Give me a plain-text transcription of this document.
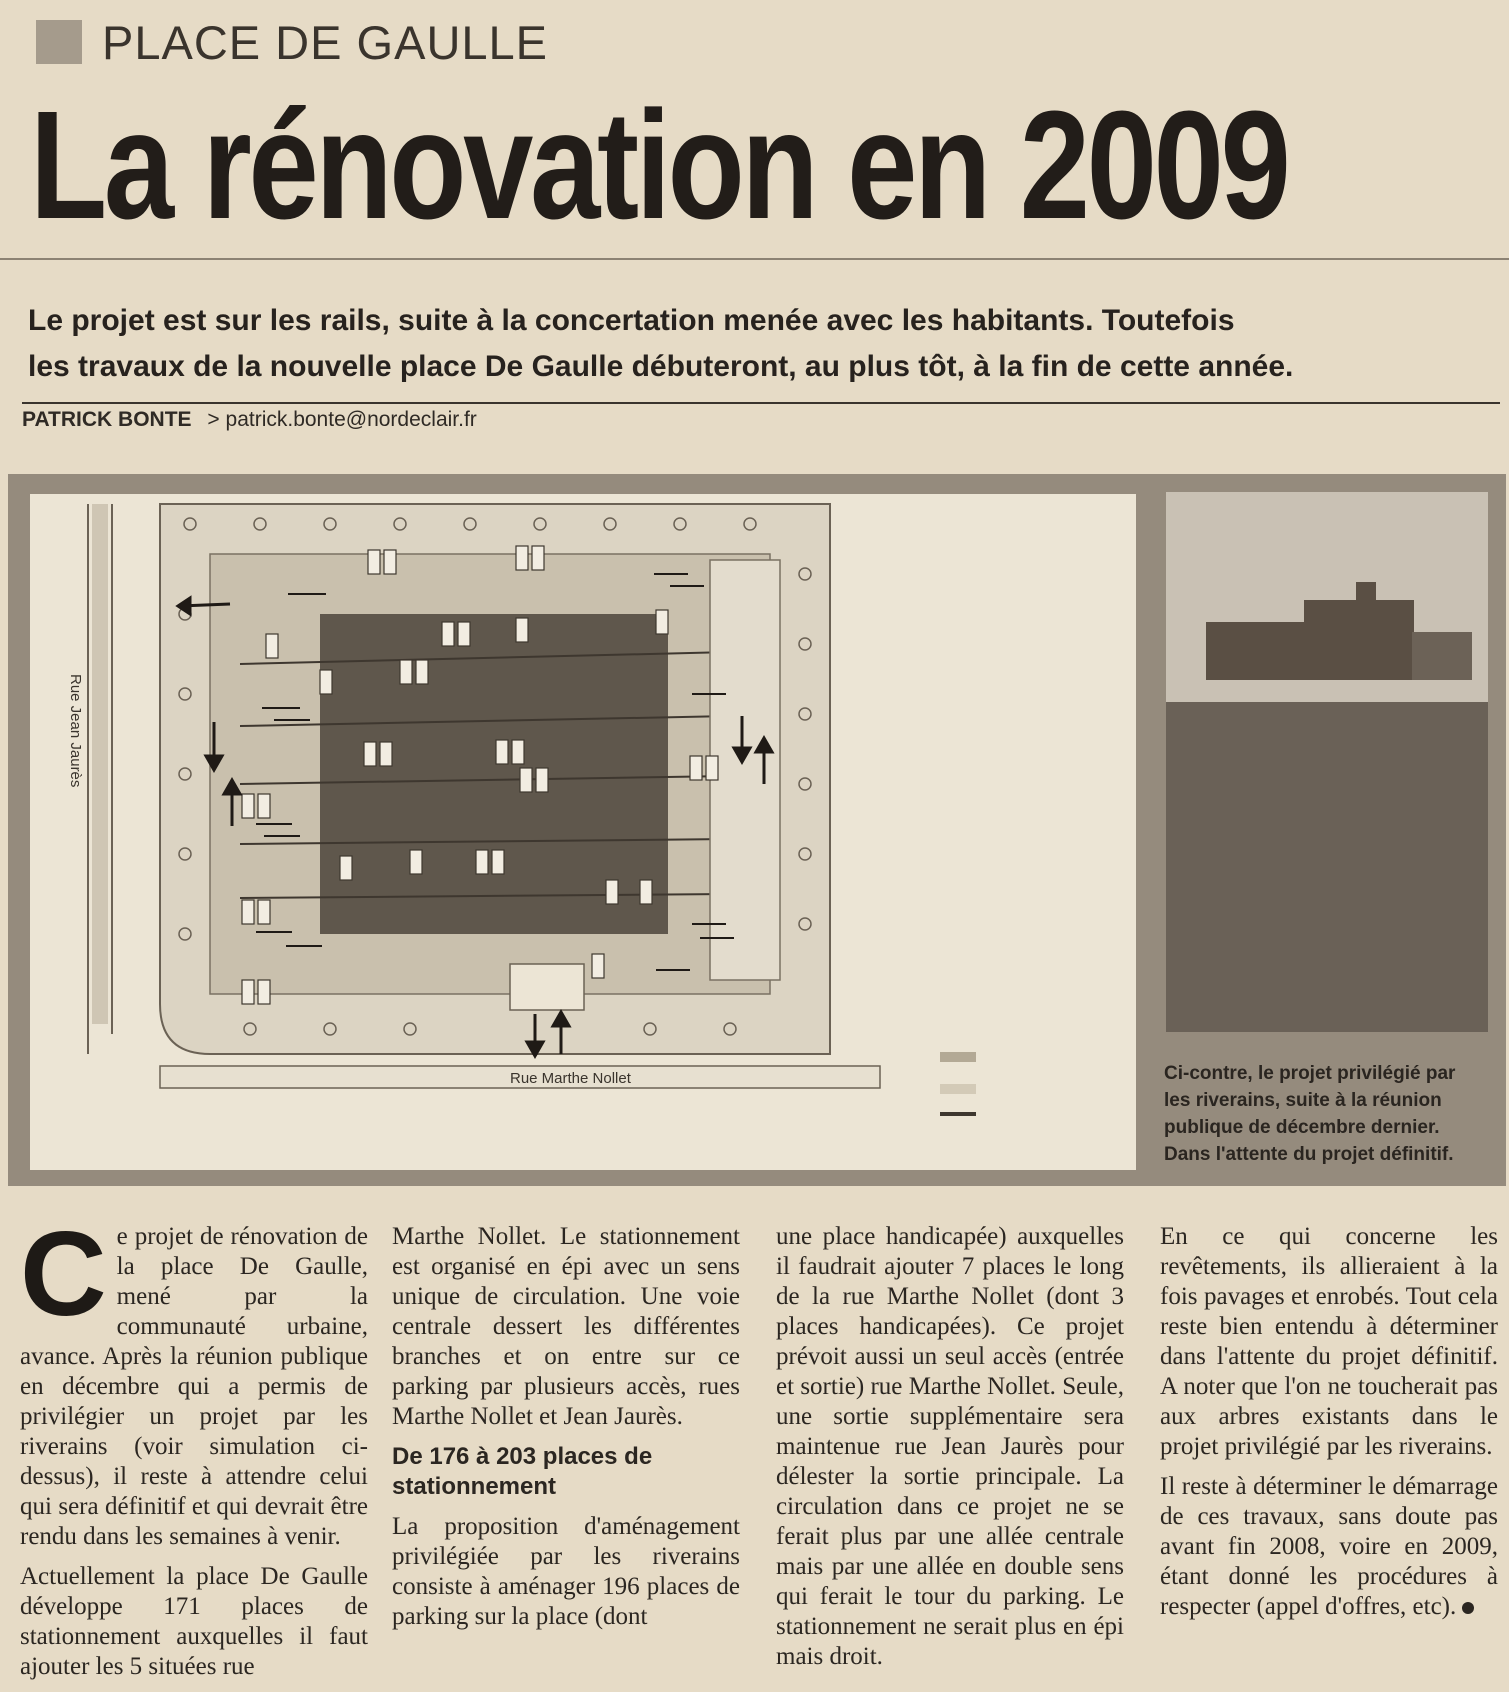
PLACE DE GAULLE
La rénovation en 2009
Le projet est sur les rails, suite à la concertation menée avec les habitants. Toutefois
les travaux de la nouvelle place De Gaulle débuteront, au plus tôt, à la fin de cette année.
PATRICK BONTE > patrick.bonte@nordeclair.fr
Rue Jean Jaurès
Rue Marthe Nollet	Ci-contre, le projet privilégié par
les riverains, suite à la réunion
publique de décembre dernier.
Dans l'attente du projet définitif.

Ce projet de rénovation de la place De Gaulle, mené par la communauté urbaine, avance. Après la réunion publique en décembre qui a permis de privilégier un projet par les riverains (voir simulation ci-dessus), il reste à attendre celui qui sera définitif et qui devrait être rendu dans les semaines à venir.

Actuellement la place De Gaulle développe 171 places de stationnement auxquelles il faut ajouter les 5 situées rue

Marthe Nollet. Le stationnement est organisé en épi avec un sens unique de circulation. Une voie centrale dessert les différentes branches et on entre sur ce parking par plusieurs accès, rues Marthe Nollet et Jean Jaurès.

De 176 à 203 places de stationnement

La proposition d'aménagement privilégiée par les riverains consiste à aménager 196 places de parking sur la place (dont

une place handicapée) auxquelles il faudrait ajouter 7 places le long de la rue Marthe Nollet (dont 3 places handicapées). Ce projet prévoit aussi un seul accès (entrée et sortie) rue Marthe Nollet. Seule, une sortie supplémentaire sera maintenue rue Jean Jaurès pour délester la sortie principale. La circulation dans ce projet ne se ferait plus par une allée centrale mais par une allée en double sens qui ferait le tour du parking. Le stationnement ne serait plus en épi mais droit.

En ce qui concerne les revêtements, ils allieraient à la fois pavages et enrobés. Tout cela reste bien entendu à déterminer dans l'attente du projet définitif. A noter que l'on ne toucherait pas aux arbres existants dans le projet privilégié par les riverains.

Il reste à déterminer le démarrage de ces travaux, sans doute pas avant fin 2008, voire en 2009, étant donné les procédures à respecter (appel d'offres, etc).
